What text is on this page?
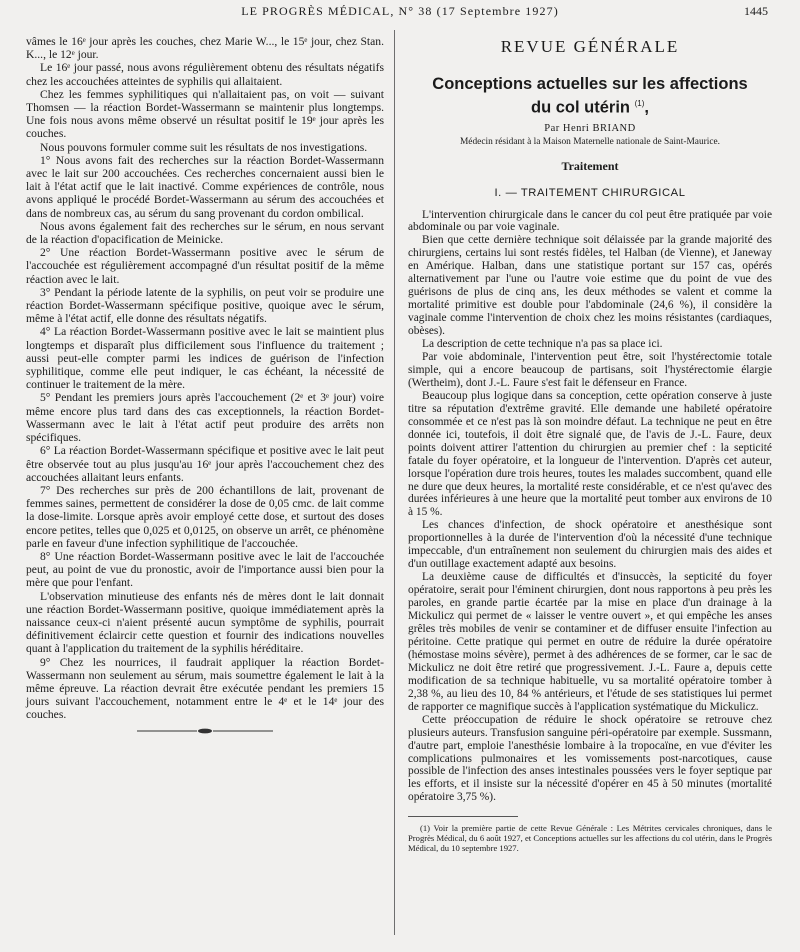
LE PROGRÈS MÉDICAL, N° 38 (17 Septembre 1927)	1445

vâmes le 16ᵉ jour après les couches, chez Marie W..., le 15ᵉ jour, chez Stan. K..., le 12ᵉ jour.

Le 16ᵉ jour passé, nous avons régulièrement obtenu des résultats négatifs chez les accouchées atteintes de syphilis qui allaitaient.

Chez les femmes syphilitiques qui n'allaitaient pas, on voit — suivant Thomsen — la réaction Bordet-Wassermann se maintenir plus longtemps. Une fois nous avons même observé un résultat positif le 19ᵉ jour après les couches.

Nous pouvons formuler comme suit les résultats de nos investigations.

1° Nous avons fait des recherches sur la réaction Bordet-Wassermann avec le lait sur 200 accouchées. Ces recherches concernaient aussi bien le lait à l'état actif que le lait inactivé. Comme expériences de contrôle, nous avons appliqué le procédé Bordet-Wassermann au sérum des accouchées et dans de nombreux cas, au sérum du sang provenant du cordon ombilical.

Nous avons également fait des recherches sur le sérum, en nous servant de la réaction d'opacification de Meinicke.

2° Une réaction Bordet-Wassermann positive avec le sérum de l'accouchée est régulièrement accompagné d'un résultat positif de la même réaction avec le lait.

3° Pendant la période latente de la syphilis, on peut voir se produire une réaction Bordet-Wassermann spécifique positive, quoique avec le sérum, même à l'état actif, elle donne des résultats négatifs.

4° La réaction Bordet-Wassermann positive avec le lait se maintient plus longtemps et disparaît plus difficilement sous l'influence du traitement ; aussi peut-elle compter parmi les indices de guérison de l'infection syphilitique, comme elle peut indiquer, le cas échéant, la nécessité de continuer le traitement de la mère.

5° Pendant les premiers jours après l'accouchement (2ᵉ et 3ᵉ jour) voire même encore plus tard dans des cas exceptionnels, la réaction Bordet-Wassermann avec le lait à l'état actif peut produire des arrêts non spécifiques.

6° La réaction Bordet-Wassermann spécifique et positive avec le lait peut être observée tout au plus jusqu'au 16ᵉ jour après l'accouchement chez des accouchées allaitant leurs enfants.

7° Des recherches sur près de 200 échantillons de lait, provenant de femmes saines, permettent de considérer la dose de 0,05 cmc. de lait comme la dose-limite. Lorsque après avoir employé cette dose, et surtout des doses encore petites, telles que 0,025 et 0,0125, on observe un arrêt, ce phénomène parle en faveur d'une infection syphilitique de l'accouchée.

8° Une réaction Bordet-Wassermann positive avec le lait de l'accouchée peut, au point de vue du pronostic, avoir de l'importance aussi bien pour la mère que pour l'enfant.

L'observation minutieuse des enfants nés de mères dont le lait donnait une réaction Bordet-Wassermann positive, quoique immédiatement après la naissance ceux-ci n'aient présenté aucun symptôme de syphilis, pourrait définitivement éclaircir cette question et fournir des indications nouvelles quant à l'application du traitement de la syphilis héréditaire.

9° Chez les nourrices, il faudrait appliquer la réaction Bordet-Wassermann non seulement au sérum, mais soumettre également le lait à la même épreuve. La réaction devrait être exécutée pendant les premiers 15 jours suivant l'accouchement, notamment entre le 4ᵉ et le 14ᵉ jour des couches.

REVUE GÉNÉRALE
Conceptions actuelles sur les affections
du col utérin $^{(1)}$,
Par Henri BRIAND
Médecin résidant à la Maison Maternelle nationale de Saint-Maurice.
Traitement
I. — TRAITEMENT CHIRURGICAL

L'intervention chirurgicale dans le cancer du col peut être pratiquée par voie abdominale ou par voie vaginale.

Bien que cette dernière technique soit délaissée par la grande majorité des chirurgiens, certains lui sont restés fidèles, tel Halban (de Vienne), et Janeway en Amérique. Halban, dans une statistique portant sur 157 cas, opérés alternativement par l'une ou l'autre voie estime que du point de vue des guérisons de plus de cinq ans, les deux méthodes se valent et comme la mortalité primitive est double pour l'abdominale (24,6 %), il considère la vaginale comme l'intervention de choix chez les moins résistantes (cardiaques, obèses).

La description de cette technique n'a pas sa place ici.

Par voie abdominale, l'intervention peut être, soit l'hystérectomie totale simple, qui a encore beaucoup de partisans, soit l'hystérectomie élargie (Wertheim), dont J.-L. Faure s'est fait le défenseur en France.

Beaucoup plus logique dans sa conception, cette opération conserve à juste titre sa réputation d'extrême gravité. Elle demande une habileté opératoire consommée et ce n'est pas là son moindre défaut. La technique ne peut en être donnée ici, toutefois, il doit être signalé que, de l'avis de J.-L. Faure, deux points doivent attirer l'attention du chirurgien au premier chef : la septicité fatale du foyer opératoire, et la longueur de l'intervention. D'après cet auteur, lorsque l'opération dure trois heures, toutes les malades succombent, quand elle ne dure que deux heures, la mortalité reste considérable, et ce n'est qu'avec des durées inférieures à une heure que la mortalité peut tomber aux environs de 10 à 15 %.

Les chances d'infection, de shock opératoire et anesthésique sont proportionnelles à la durée de l'intervention d'où la nécessité d'une technique impeccable, d'un entraînement non seulement du chirurgien mais des aides et d'un outillage exactement adapté aux besoins.

La deuxième cause de difficultés et d'insuccès, la septicité du foyer opératoire, serait pour l'éminent chirurgien, dont nous rapportons à peu près les paroles, en grande partie écartée par la mise en place d'un drainage à la Mickulicz qui permet de « laisser le ventre ouvert », et qui empêche les anses grêles très mobiles de venir se contaminer et de diffuser ensuite l'infection au péritoine. Cette pratique qui permet en outre de réduire la durée opératoire (hémostase moins sévère), permet à des adhérences de se former, car le sac de Mickulicz ne doit être retiré que progressivement. J.-L. Faure a, depuis cette modification de sa technique habituelle, vu sa mortalité opératoire tomber à 2,38 %, au lieu des 10, 84 % antérieurs, et l'étude de ses statistiques lui permet de rapporter ce magnifique succès à l'application systématique du Mickulicz.

Cette préoccupation de réduire le shock opératoire se retrouve chez plusieurs auteurs. Transfusion sanguine péri-opératoire par exemple. Sussmann, d'autre part, emploie l'anesthésie lombaire à la tropocaïne, en vue d'éviter les complications pulmonaires et les vomissements post-narcotiques, cause possible de l'infection des anses intestinales poussées vers le foyer septique par les efforts, et il insiste sur la nécessité d'opérer en 45 à 50 minutes (mortalité opératoire 3,75 %).

(1) Voir la première partie de cette Revue Générale : Les Métrites cervicales chroniques, dans le Progrès Médical, du 6 août 1927, et Conceptions actuelles sur les affections du col utérin, dans le Progrès Médical, du 10 septembre 1927.
